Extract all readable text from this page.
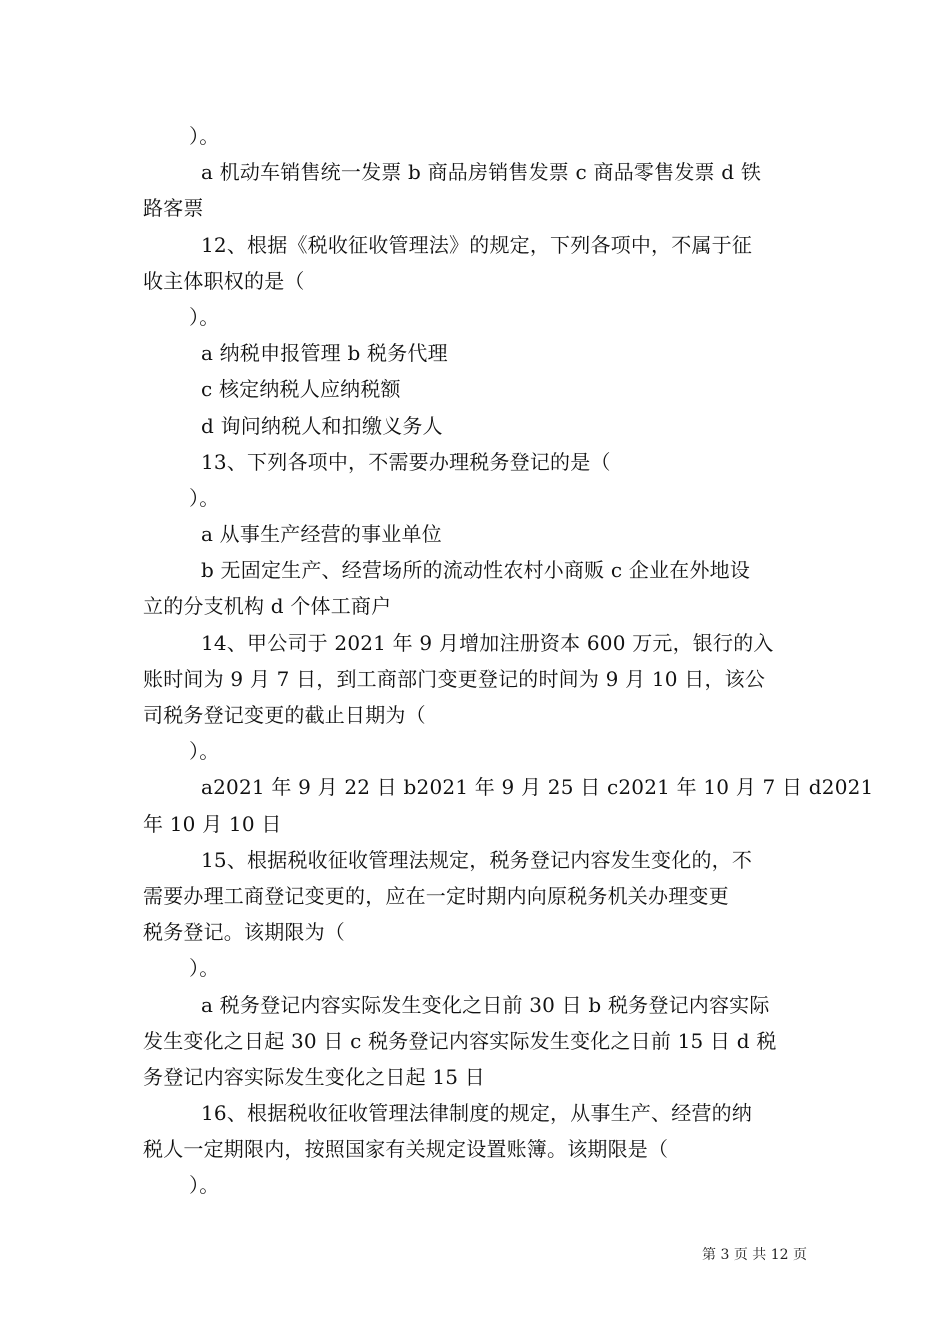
）。
a 机动车销售统一发票 b 商品房销售发票 c 商品零售发票 d 铁
路客票
12、根据《税收征收管理法》的规定，下列各项中，不属于征
收主体职权的是（
）。
a 纳税申报管理 b 税务代理
c 核定纳税人应纳税额
d 询问纳税人和扣缴义务人
13、下列各项中，不需要办理税务登记的是（
）。
a 从事生产经营的事业单位
b 无固定生产、经营场所的流动性农村小商贩 c 企业在外地设
立的分支机构 d 个体工商户
14、甲公司于 2021 年 9 月增加注册资本 600 万元，银行的入
账时间为 9 月 7 日，到工商部门变更登记的时间为 9 月 10 日，该公
司税务登记变更的截止日期为（
）。
a2021 年 9 月 22 日 b2021 年 9 月 25 日 c2021 年 10 月 7 日 d2021
年 10 月 10 日
15、根据税收征收管理法规定，税务登记内容发生变化的，不
需要办理工商登记变更的，应在一定时期内向原税务机关办理变更
税务登记。该期限为（
）。
a 税务登记内容实际发生变化之日前 30 日 b 税务登记内容实际
发生变化之日起 30 日 c 税务登记内容实际发生变化之日前 15 日 d 税
务登记内容实际发生变化之日起 15 日
16、根据税收征收管理法律制度的规定，从事生产、经营的纳
税人一定期限内，按照国家有关规定设置账簿。该期限是（
）。
第 3 页 共 12 页
